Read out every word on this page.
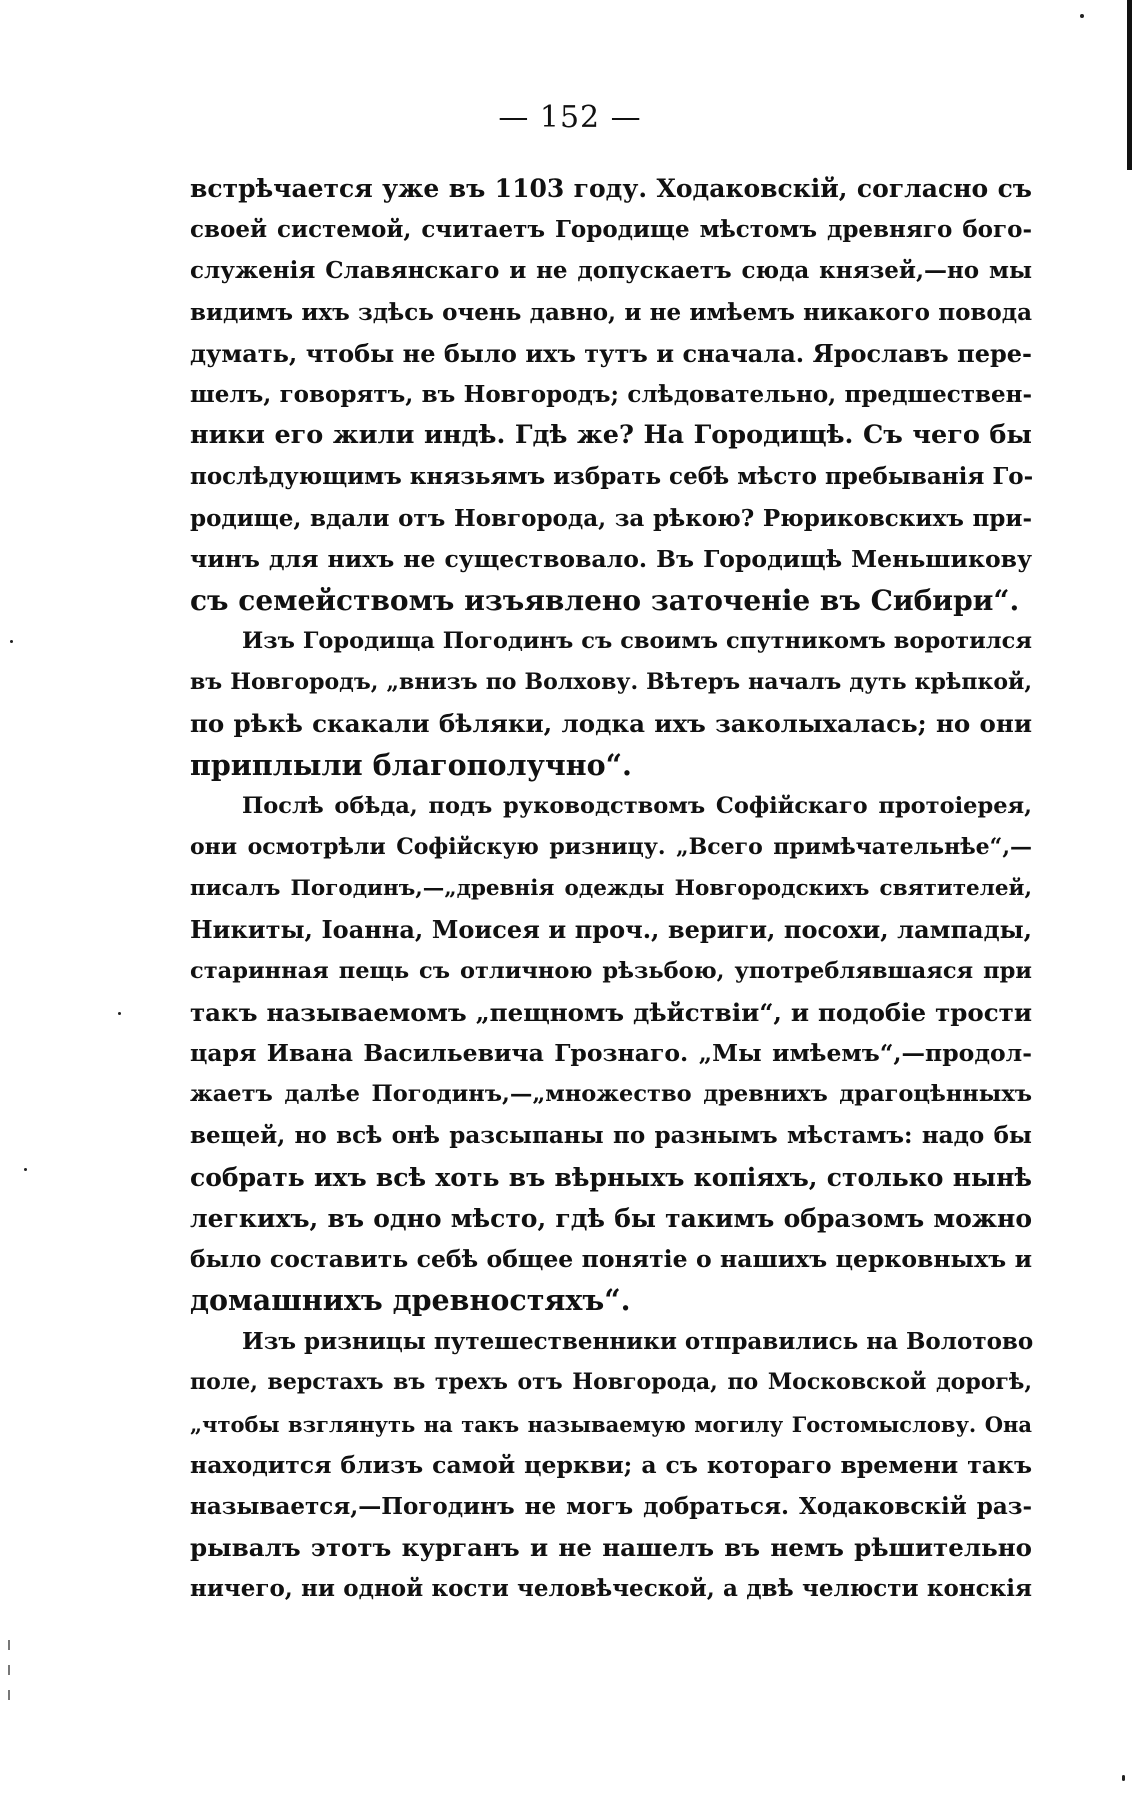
— 152 —
встрѣчается уже въ 1103 году. Ходаковскій, согласно съ
своей системой, считаетъ Городище мѣстомъ древняго бого-
служенія Славянскаго и не допускаетъ сюда князей,—но мы
видимъ ихъ здѣсь очень давно, и не имѣемъ никакого повода
думать, чтобы не было ихъ тутъ и сначала. Ярославъ пере-
шелъ, говорятъ, въ Новгородъ; слѣдовательно, предшествен-
ники его жили индѣ. Гдѣ же? На Городищѣ. Съ чего бы
послѣдующимъ князьямъ избрать себѣ мѣсто пребыванія Го-
родище, вдали отъ Новгорода, за рѣкою? Рюриковскихъ при-
чинъ для нихъ не существовало. Въ Городищѣ Меньшикову
съ семействомъ изъявлено заточеніе въ Сибири“.
Изъ Городища Погодинъ съ своимъ спутникомъ воротился
въ Новгородъ, „внизъ по Волхову. Вѣтеръ началъ дуть крѣпкой,
по рѣкѣ скакали бѣляки, лодка ихъ заколыхалась; но они
приплыли благополучно“.
Послѣ обѣда, подъ руководствомъ Софійскаго протоіерея,
они осмотрѣли Софійскую ризницу. „Всего примѣчательнѣе“,—
писалъ Погодинъ,—„древнія одежды Новгородскихъ святителей,
Никиты, Іоанна, Моисея и проч., вериги, посохи, лампады,
старинная пещь съ отличною рѣзьбою, употреблявшаяся при
такъ называемомъ „пещномъ дѣйствіи“, и подобіе трости
царя Ивана Васильевича Грознаго. „Мы имѣемъ“,—продол-
жаетъ далѣе Погодинъ,—„множество древнихъ драгоцѣнныхъ
вещей, но всѣ онѣ разсыпаны по разнымъ мѣстамъ: надо бы
собрать ихъ всѣ хоть въ вѣрныхъ копіяхъ, столько нынѣ
легкихъ, въ одно мѣсто, гдѣ бы такимъ образомъ можно
было составить себѣ общее понятіе о нашихъ церковныхъ и
домашнихъ древностяхъ“.
Изъ ризницы путешественники отправились на Волотово
поле, верстахъ въ трехъ отъ Новгорода, по Московской дорогѣ,
„чтобы взглянуть на такъ называемую могилу Гостомыслову. Она
находится близъ самой церкви; а съ котораго времени такъ
называется,—Погодинъ не могъ добраться. Ходаковскій раз-
рывалъ этотъ курганъ и не нашелъ въ немъ рѣшительно
ничего, ни одной кости человѣческой, а двѣ челюсти конскія
